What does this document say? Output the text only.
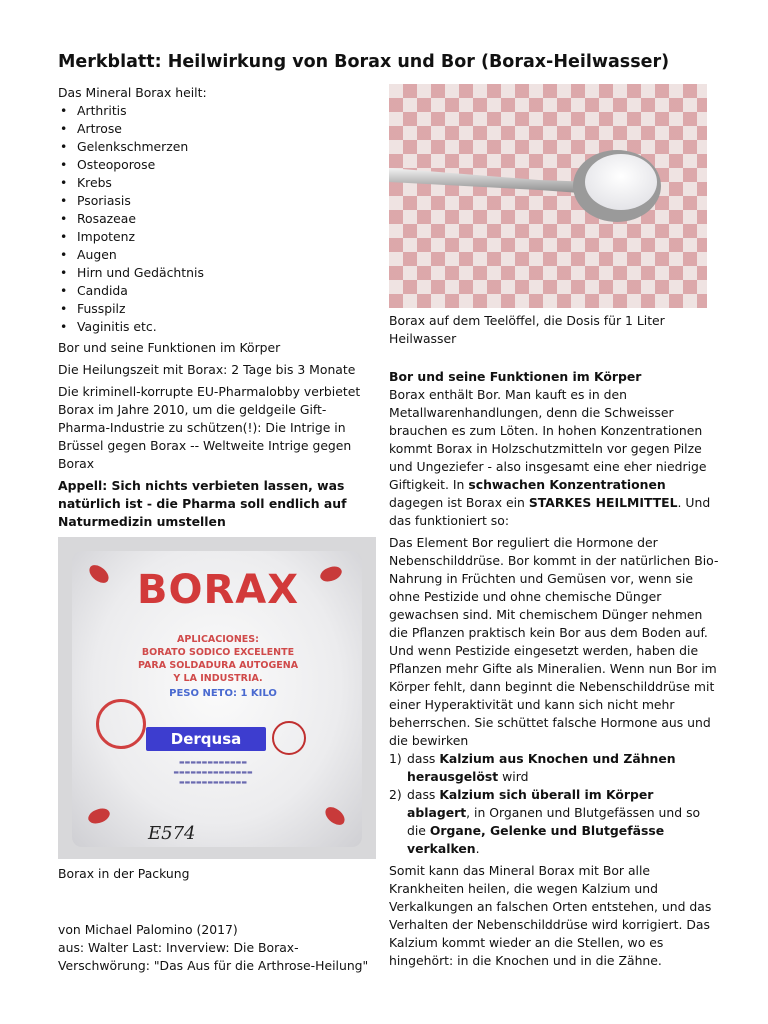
Merkblatt: Heilwirkung von Borax und Bor (Borax-Heilwasser)

Das Mineral Borax heilt:

• Arthritis
• Artrose
• Gelenkschmerzen
• Osteoporose
• Krebs
• Psoriasis
• Rosazeae
• Impotenz
• Augen
• Hirn und Gedächtnis
• Candida
• Fusspilz
• Vaginitis etc.

Bor und seine Funktionen im Körper

Die Heilungszeit mit Borax: 2 Tage bis 3 Monate

Die kriminell-korrupte EU-Pharmalobby verbietet Borax im Jahre 2010, um die geldgeile Gift-Pharma-Industrie zu schützen(!): Die Intrige in Brüssel gegen Borax -- Weltweite Intrige gegen Borax

Appell: Sich nichts verbieten lassen, was natürlich ist - die Pharma soll endlich auf Naturmedizin umstellen

BORAX
APLICACIONES:
BORATO SODICO EXCELENTE
PARA SOLDADURA AUTOGENA
Y LA INDUSTRIA.
PESO NETO: 1 KILO
Derqusa
▬▬▬▬▬▬▬▬▬▬▬▬
▬▬▬▬▬▬▬▬▬▬▬▬▬▬
▬▬▬▬▬▬▬▬▬▬▬▬
E574

Borax in der Packung

von Michael Palomino (2017)

aus: Walter Last: Inverview: Die Borax-Verschwörung: "Das Aus für die Arthrose-Heilung"

Borax auf dem Teelöffel, die Dosis für 1 Liter Heilwasser

Bor und seine Funktionen im Körper

Borax enthält Bor. Man kauft es in den Metallwarenhandlungen, denn die Schweisser brauchen es zum Löten. In hohen Konzentrationen kommt Borax in Holzschutzmitteln vor gegen Pilze und Ungeziefer - also insgesamt eine eher niedrige Giftigkeit. In schwachen Konzentrationen dagegen ist Borax ein STARKES HEILMITTEL. Und das funktioniert so:

Das Element Bor reguliert die Hormone der Nebenschilddrüse. Bor kommt in der natürlichen Bio-Nahrung in Früchten und Gemüsen vor, wenn sie ohne Pestizide und ohne chemische Dünger gewachsen sind. Mit chemischem Dünger nehmen die Pflanzen praktisch kein Bor aus dem Boden auf. Und wenn Pestizide eingesetzt werden, haben die Pflanzen mehr Gifte als Mineralien. Wenn nun Bor im Körper fehlt, dann beginnt die Nebenschilddrüse mit einer Hyperaktivität und kann sich nicht mehr beherrschen. Sie schüttet falsche Hormone aus und die bewirken

1) dass Kalzium aus Knochen und Zähnen herausgelöst wird
2) dass Kalzium sich überall im Körper ablagert, in Organen und Blutgefässen und so die Organe, Gelenke und Blutgefässe verkalken.

Somit kann das Mineral Borax mit Bor alle Krankheiten heilen, die wegen Kalzium und Verkalkungen an falschen Orten entstehen, und das Verhalten der Nebenschilddrüse wird korrigiert. Das Kalzium kommt wieder an die Stellen, wo es hingehört: in die Knochen und in die Zähne.
